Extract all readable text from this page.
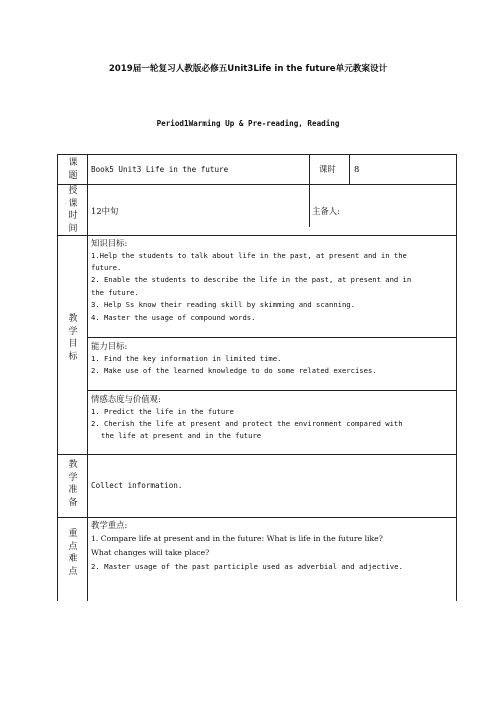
2019届一轮复习人教版必修五Unit3Life in the future单元教案设计
Period1Warming Up & Pre-reading, Reading
课
题
Book5 Unit3 Life in the future	课时 8
授
课
时
间
12中旬	主备人:
教
学
目
标
知识目标:
1.Help the students to talk about life in the past, at present and in the
future.
2. Enable the students to describe the life in the past, at present and in
the future.
3. Help Ss know their reading skill by skimming and scanning.
4. Master the usage of compound words.
能力目标:
1. Find the key information in limited time.
2. Make use of the learned knowledge to do some related exercises.
情感态度与价值观:
1. Predict the life in the future
2. Cherish the life at present and protect the environment compared with
the life at present and in the future
教
学
准
备
Collect information.
重
点
难
点
教学重点:
1. Compare life at present and in the future: What is life in the future like?
What changes will take place?
2. Master usage of the past participle used as adverbial and adjective.
